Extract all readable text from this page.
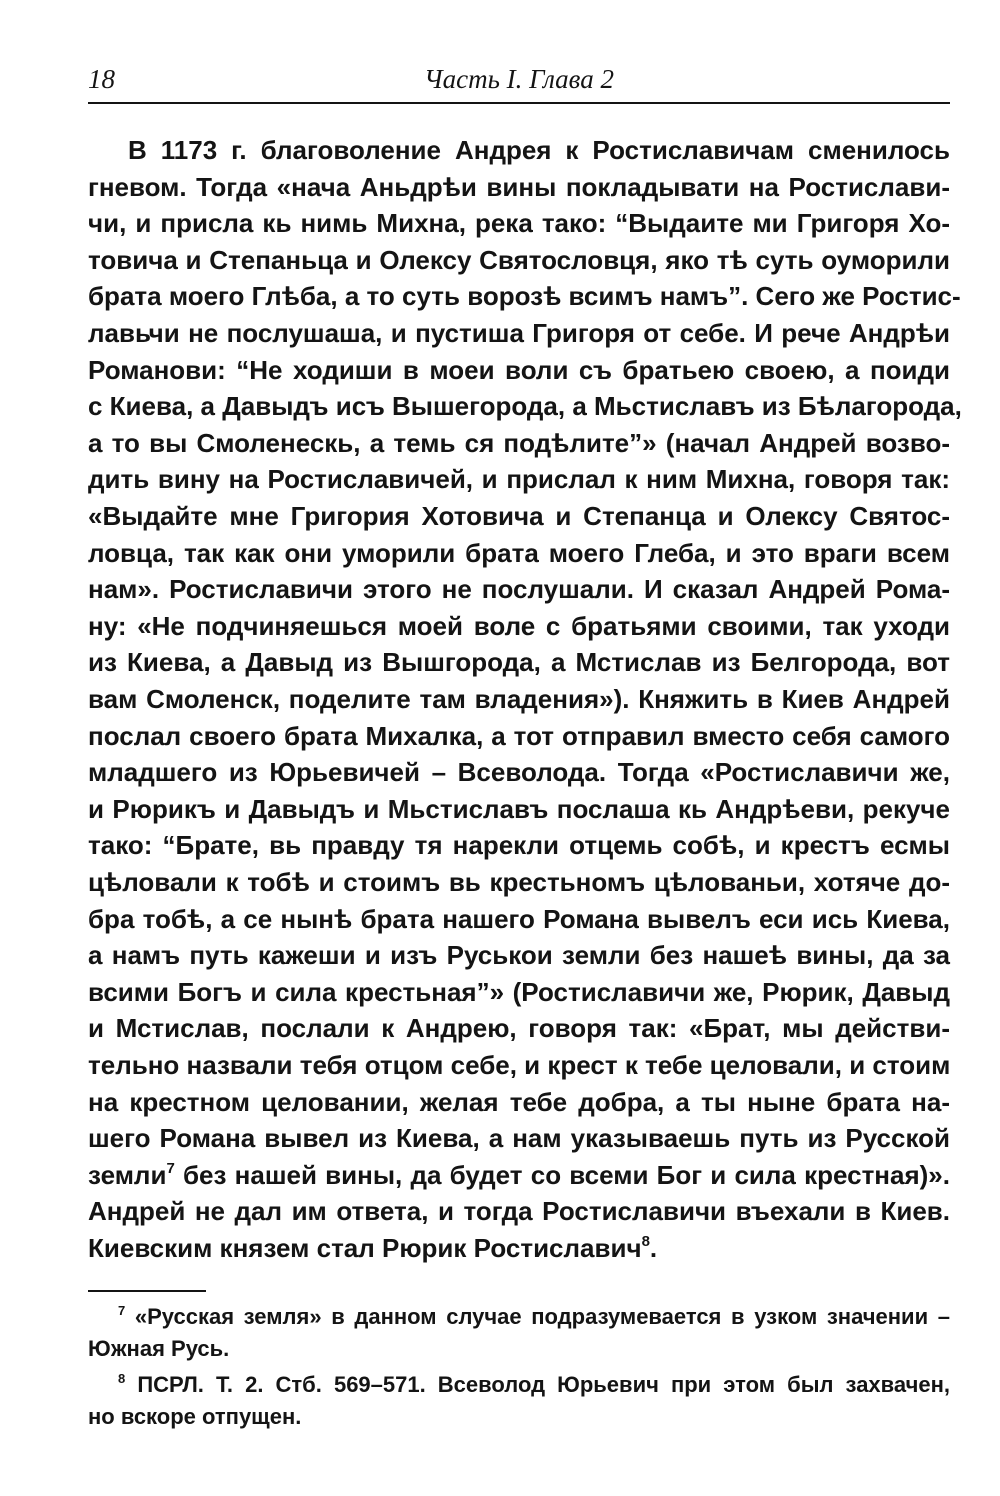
18	Часть I. Глава 2
В 1173 г. благоволение Андрея к Ростиславичам сменилось
гневом. Тогда «нача Аньдрѣи вины покладывати на Ростислави-
чи, и присла кь нимь Михна, река тако: “Выдаите ми Григоря Хо-
товича и Степаньца и Олексу Святословця, яко тѣ суть оуморили
брата моего Глѣба, а то суть ворозѣ всимъ намъ”. Сего же Ростис-
лавьчи не послушаша, и пустиша Григоря от себе. И рече Андрѣи
Романови: “Не ходиши в моеи воли съ братьею своею, а поиди
с Киева, а Давыдъ исъ Вышегорода, а Мьстиславъ из Бѣлагорода,
а то вы Смоленескь, а темь ся подѣлите”» (начал Андрей возво-
дить вину на Ростиславичей, и прислал к ним Михна, говоря так:
«Выдайте мне Григория Хотовича и Степанца и Олексу Святос-
ловца, так как они уморили брата моего Глеба, и это враги всем
нам». Ростиславичи этого не послушали. И сказал Андрей Рома-
ну: «Не подчиняешься моей воле с братьями своими, так уходи
из Киева, а Давыд из Вышгорода, а Мстислав из Белгорода, вот
вам Смоленск, поделите там владения»). Княжить в Киев Андрей
послал своего брата Михалка, а тот отправил вместо себя самого
младшего из Юрьевичей – Всеволода. Тогда «Ростиславичи же,
и Рюрикъ и Давыдъ и Мьстиславъ послаша кь Андрѣеви, рекуче
тако: “Брате, вь правду тя нарекли отцемь собѣ, и крестъ есмы
цѣловали к тобѣ и стоимъ вь крестьномъ цѣлованьи, хотяче до-
бра тобѣ, а се нынѣ брата нашего Романа вывелъ еси ись Киева,
а намъ путь кажеши и изъ Руськои земли без нашеѣ вины, да за
всими Богъ и сила крестьная”» (Ростиславичи же, Рюрик, Давыд
и Мстислав, послали к Андрею, говоря так: «Брат, мы действи-
тельно назвали тебя отцом себе, и крест к тебе целовали, и стоим
на крестном целовании, желая тебе добра, а ты ныне брата на-
шего Романа вывел из Киева, а нам указываешь путь из Русской
земли$^7$ без нашей вины, да будет со всеми Бог и сила крестная)».
Андрей не дал им ответа, и тогда Ростиславичи въехали в Киев.
Киевским князем стал Рюрик Ростиславич$^8$.
$^7$ «Русская земля» в данном случае подразумевается в узком значении –
Южная Русь.
$^8$ ПСРЛ. Т. 2. Стб. 569–571. Всеволод Юрьевич при этом был захвачен,
но вскоре отпущен.
